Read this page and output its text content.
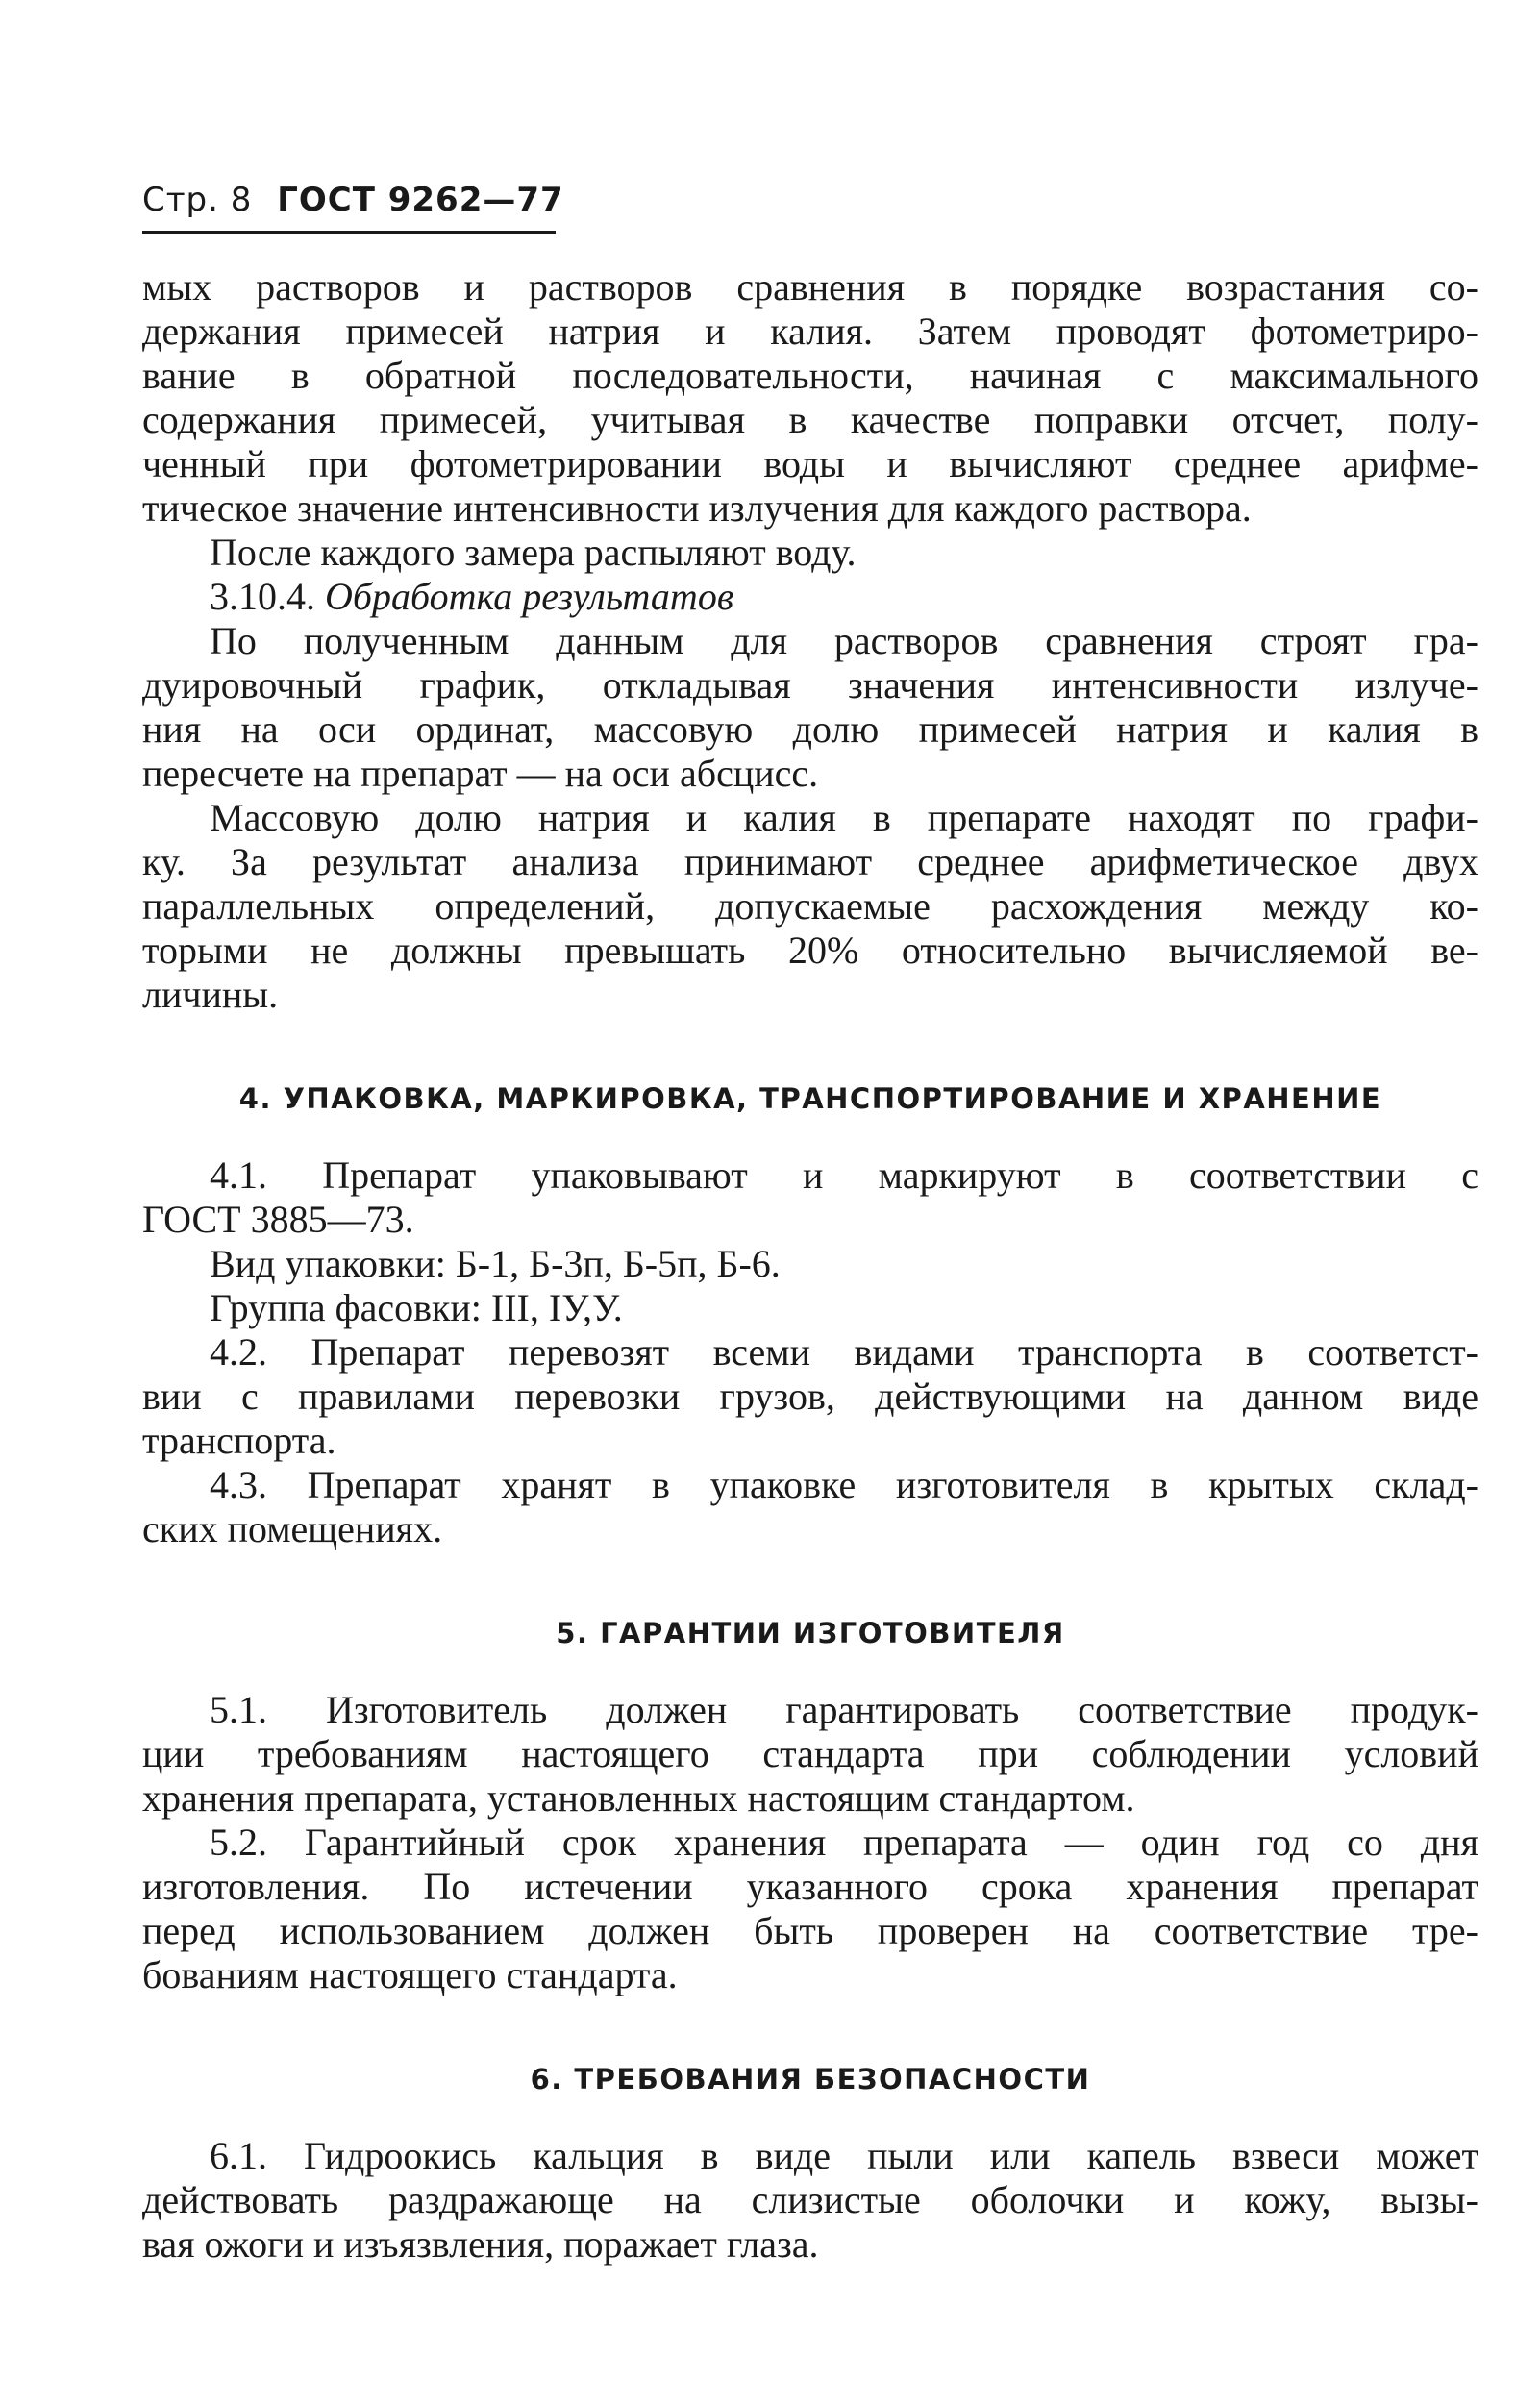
Стр. 8 ГОСТ 9262—77
мых растворов и растворов сравнения в порядке возрастания со-
держания примесей натрия и калия. Затем проводят фотометриро-
вание в обратной последовательности, начиная с максимального
содержания примесей, учитывая в качестве поправки отсчет, полу-
ченный при фотометрировании воды и вычисляют среднее арифме-
тическое значение интенсивности излучения для каждого раствора.
После каждого замера распыляют воду.
3.10.4. Обработка результатов
По полученным данным для растворов сравнения строят гра-
дуировочный график, откладывая значения интенсивности излуче-
ния на оси ординат, массовую долю примесей натрия и калия в
пересчете на препарат — на оси абсцисс.
Массовую долю натрия и калия в препарате находят по графи-
ку. За результат анализа принимают среднее арифметическое двух
параллельных определений, допускаемые расхождения между ко-
торыми не должны превышать 20% относительно вычисляемой ве-
личины.
4. УПАКОВКА, МАРКИРОВКА, ТРАНСПОРТИРОВАНИЕ И ХРАНЕНИЕ
4.1. Препарат упаковывают и маркируют в соответствии с
ГОСТ 3885—73.
Вид упаковки: Б-1, Б-3п, Б-5п, Б-6.
Группа фасовки: III, IУ,У.
4.2. Препарат перевозят всеми видами транспорта в соответст-
вии с правилами перевозки грузов, действующими на данном виде
транспорта.
4.3. Препарат хранят в упаковке изготовителя в крытых склад-
ских помещениях.
5. ГАРАНТИИ ИЗГОТОВИТЕЛЯ
5.1. Изготовитель должен гарантировать соответствие продук-
ции требованиям настоящего стандарта при соблюдении условий
хранения препарата, установленных настоящим стандартом.
5.2. Гарантийный срок хранения препарата — один год со дня
изготовления. По истечении указанного срока хранения препарат
перед использованием должен быть проверен на соответствие тре-
бованиям настоящего стандарта.
6. ТРЕБОВАНИЯ БЕЗОПАСНОСТИ
6.1. Гидроокись кальция в виде пыли или капель взвеси может
действовать раздражающе на слизистые оболочки и кожу, вызы-
вая ожоги и изъязвления, поражает глаза.
